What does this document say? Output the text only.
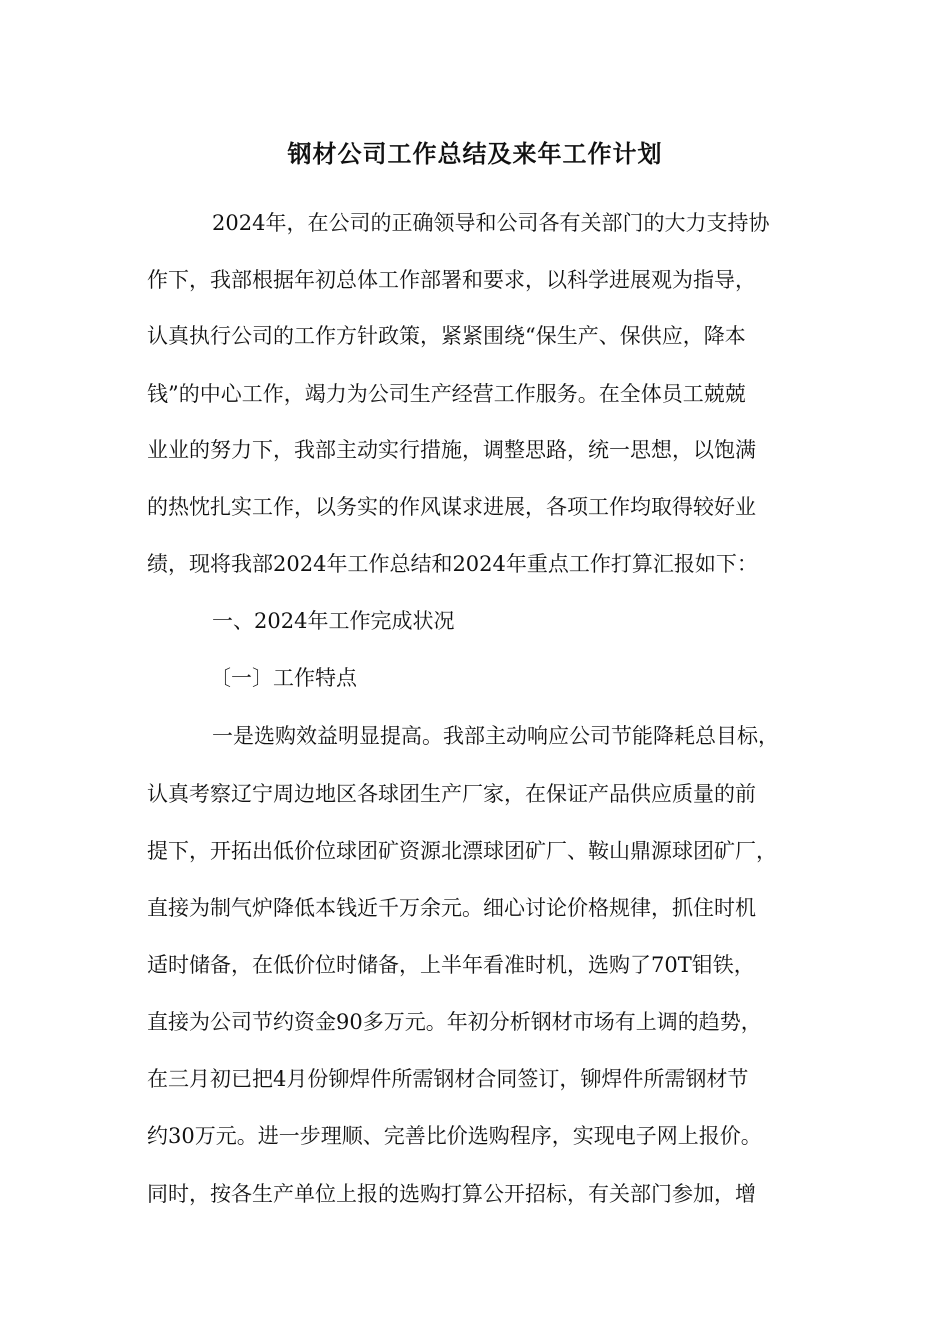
钢材公司工作总结及来年工作计划
2024年，在公司的正确领导和公司各有关部门的大力支持协
作下，我部根据年初总体工作部署和要求，以科学进展观为指导，
认真执行公司的工作方针政策，紧紧围绕“保生产、保供应，降本
钱”的中心工作，竭力为公司生产经营工作服务。在全体员工兢兢
业业的努力下，我部主动实行措施，调整思路，统一思想，以饱满
的热忱扎实工作，以务实的作风谋求进展，各项工作均取得较好业
绩，现将我部2024年工作总结和2024年重点工作打算汇报如下：
一、2024年工作完成状况
〔一〕工作特点
一是选购效益明显提高。我部主动响应公司节能降耗总目标，
认真考察辽宁周边地区各球团生产厂家，在保证产品供应质量的前
提下，开拓出低价位球团矿资源北漂球团矿厂、鞍山鼎源球团矿厂，
直接为制气炉降低本钱近千万余元。细心讨论价格规律，抓住时机
适时储备，在低价位时储备，上半年看准时机，选购了70T钼铁，
直接为公司节约资金90多万元。年初分析钢材市场有上调的趋势，
在三月初已把4月份铆焊件所需钢材合同签订，铆焊件所需钢材节
约30万元。进一步理顺、完善比价选购程序，实现电子网上报价。
同时，按各生产单位上报的选购打算公开招标，有关部门参加，增
